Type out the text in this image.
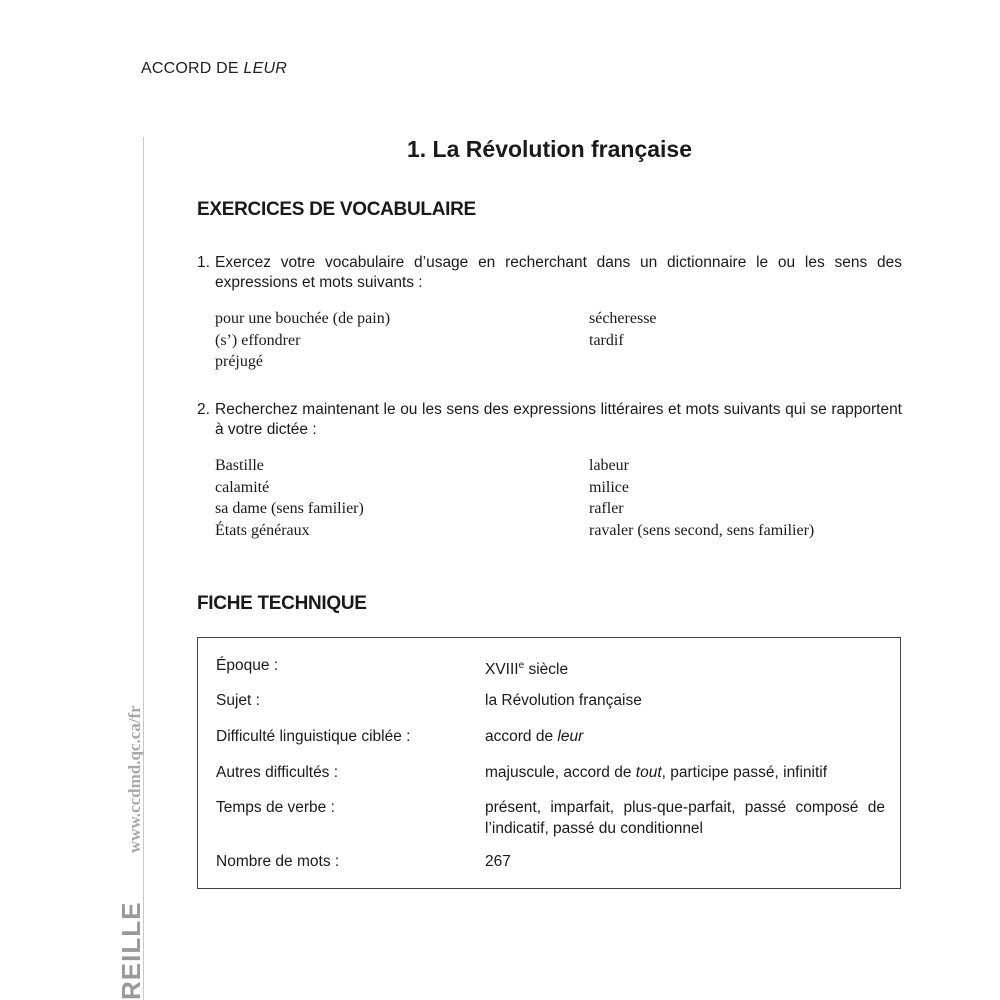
ACCORD DE LEUR
REILLE www.ccdmd.qc.ca/fr
1. La Révolution française
EXERCICES DE VOCABULAIRE
1. Exercez votre vocabulaire d’usage en recherchant dans un dictionnaire le ou les sens des expressions et mots suivants :
pour une bouchée (de pain)	sécheresse
(s’) effondrer	tardif
préjugé
2. Recherchez maintenant le ou les sens des expressions littéraires et mots suivants qui se rapportent à votre dictée :
Bastille	labeur
calamité	milice
sa dame (sens familier)	rafler
États généraux	ravaler (sens second, sens familier)
FICHE TECHNIQUE
Époque :	XVIIIe siècle
Sujet :	la Révolution française
Difficulté linguistique ciblée :	accord de leur
Autres difficultés :	majuscule, accord de tout, participe passé, infinitif
Temps de verbe :	présent, imparfait, plus-que-parfait, passé composé de l’indicatif, passé du conditionnel
Nombre de mots :	267
